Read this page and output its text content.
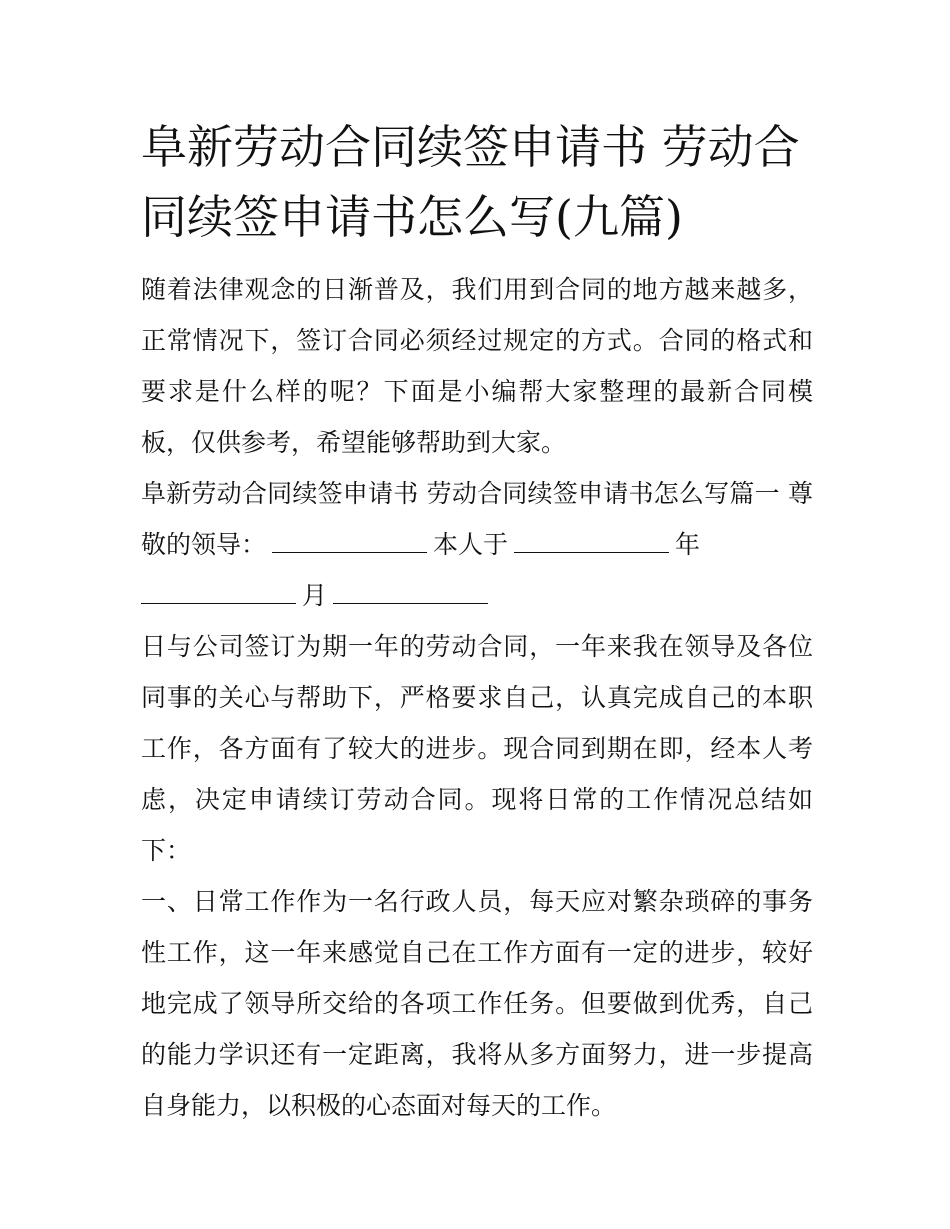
阜新劳动合同续签申请书 劳动合同续签申请书怎么写(九篇)

随着法律观念的日渐普及，我们用到合同的地方越来越多，正常情况下，签订合同必须经过规定的方式。合同的格式和要求是什么样的呢？下面是小编帮大家整理的最新合同模板，仅供参考，希望能够帮助到大家。

阜新劳动合同续签申请书 劳动合同续签申请书怎么写篇一 尊敬的领导：	本人于	年
月

日与公司签订为期一年的劳动合同，一年来我在领导及各位同事的关心与帮助下，严格要求自己，认真完成自己的本职工作，各方面有了较大的进步。现合同到期在即，经本人考虑，决定申请续订劳动合同。现将日常的工作情况总结如下：

一、日常工作作为一名行政人员，每天应对繁杂琐碎的事务性工作，这一年来感觉自己在工作方面有一定的进步，较好地完成了领导所交给的各项工作任务。但要做到优秀，自己的能力学识还有一定距离，我将从多方面努力，进一步提高自身能力，以积极的心态面对每天的工作。
